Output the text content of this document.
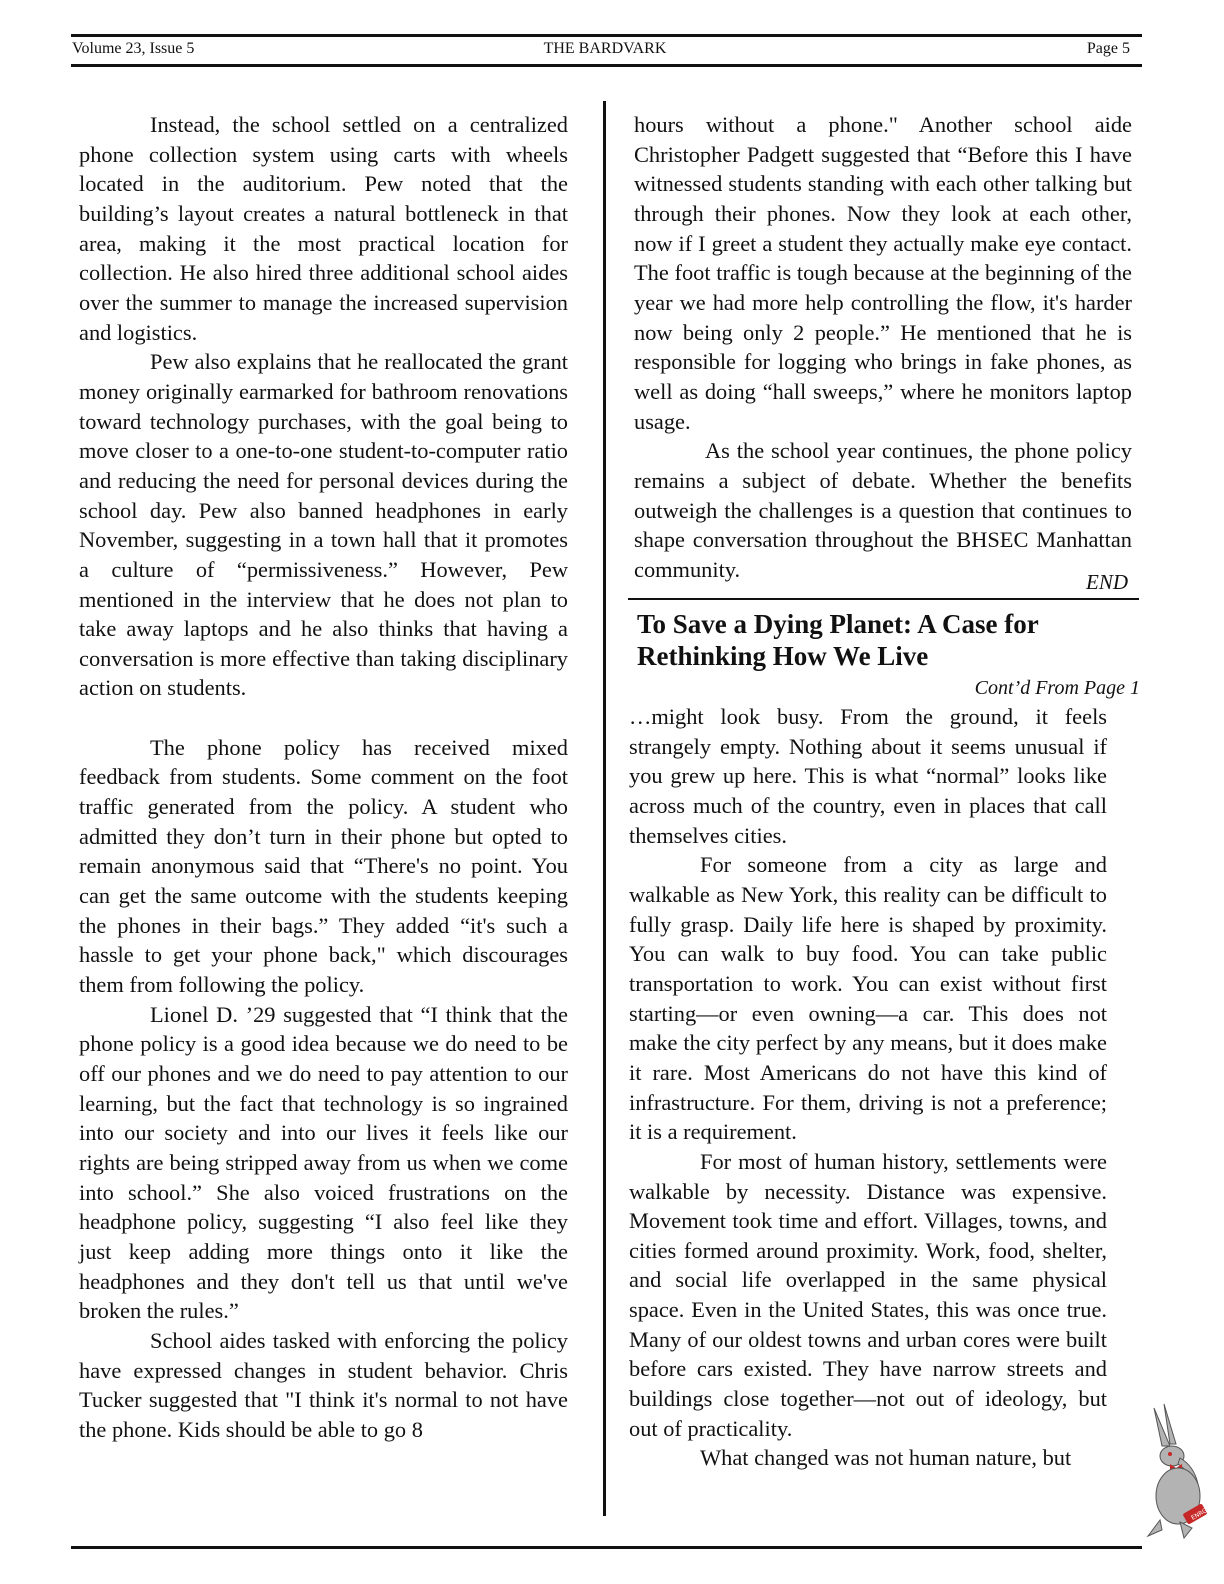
Volume 23, Issue 5	THE BARDVARK	Page 5

Instead, the school settled on a centralized phone collection system using carts with wheels located in the auditorium. Pew noted that the building’s layout creates a natural bottleneck in that area, making it the most practical location for collection. He also hired three additional school aides over the summer to manage the increased supervision and logistics.

Pew also explains that he reallocated the grant money originally earmarked for bathroom renovations toward technology purchases, with the goal being to move closer to a one-to-one student-to-computer ratio and reducing the need for personal devices during the school day. Pew also banned headphones in early November, suggesting in a town hall that it promotes a culture of “permissiveness.” However, Pew mentioned in the interview that he does not plan to take away laptops and he also thinks that having a conversation is more effective than taking disciplinary action on students.

The phone policy has received mixed feedback from students. Some comment on the foot traffic generated from the policy. A student who admitted they don’t turn in their phone but opted to remain anonymous said that “There's no point. You can get the same outcome with the students keeping the phones in their bags.” They added “it's such a hassle to get your phone back," which discourages them from following the policy.

Lionel D. ’29 suggested that “I think that the phone policy is a good idea because we do need to be off our phones and we do need to pay attention to our learning, but the fact that technology is so ingrained into our society and into our lives it feels like our rights are being stripped away from us when we come into school.” She also voiced frustrations on the headphone policy, suggesting “I also feel like they just keep adding more things onto it like the headphones and they don't tell us that until we've broken the rules.”

School aides tasked with enforcing the policy have expressed changes in student behavior. Chris Tucker suggested that "I think it's normal to not have the phone. Kids should be able to go 8

hours without a phone." Another school aide Christopher Padgett suggested that “Before this I have witnessed students standing with each other talking but through their phones. Now they look at each other, now if I greet a student they actually make eye contact. The foot traffic is tough because at the beginning of the year we had more help controlling the flow, it's harder now being only 2 people.” He mentioned that he is responsible for logging who brings in fake phones, as well as doing “hall sweeps,” where he monitors laptop usage.

As the school year continues, the phone policy remains a subject of debate. Whether the benefits outweigh the challenges is a question that continues to shape conversation throughout the BHSEC Manhattan community.

END
To Save a Dying Planet: A Case for Rethinking How We Live
Cont’d From Page 1

…might look busy. From the ground, it feels strangely empty. Nothing about it seems unusual if you grew up here. This is what “normal” looks like across much of the country, even in places that call themselves cities.

For someone from a city as large and walkable as New York, this reality can be difficult to fully grasp. Daily life here is shaped by proximity. You can walk to buy food. You can take public transportation to work. You can exist without first starting—or even owning—a car. This does not make the city perfect by any means, but it does make it rare. Most Americans do not have this kind of infrastructure. For them, driving is not a preference; it is a requirement.

For most of human history, settlements were walkable by necessity. Distance was expensive. Movement took time and effort. Villages, towns, and cities formed around proximity. Work, food, shelter, and social life overlapped in the same physical space. Even in the United States, this was once true. Many of our oldest towns and urban cores were built before cars existed. They have narrow streets and buildings close together—not out of ideology, but out of practicality.

What changed was not human nature, but

ENRG
